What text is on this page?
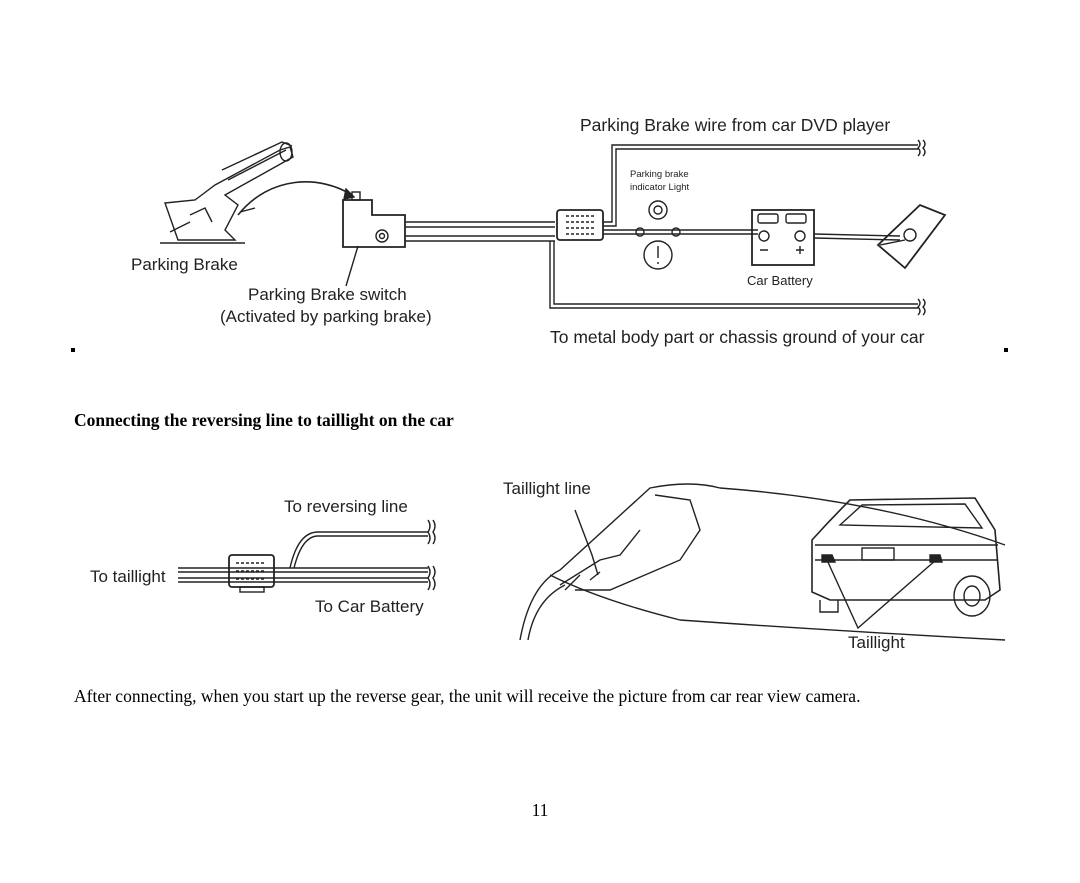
Parking Brake wire from car DVD player
Parking brake
indicator Light
Parking Brake
Parking Brake switch
(Activated by parking brake)
Car Battery
To metal body part or chassis ground of your car
Connecting the reversing line to taillight on the car
To reversing line
To taillight
To Car Battery
Taillight line
Taillight

After connecting, when you start up the reverse gear, the unit will receive the picture from car rear view camera.

11
